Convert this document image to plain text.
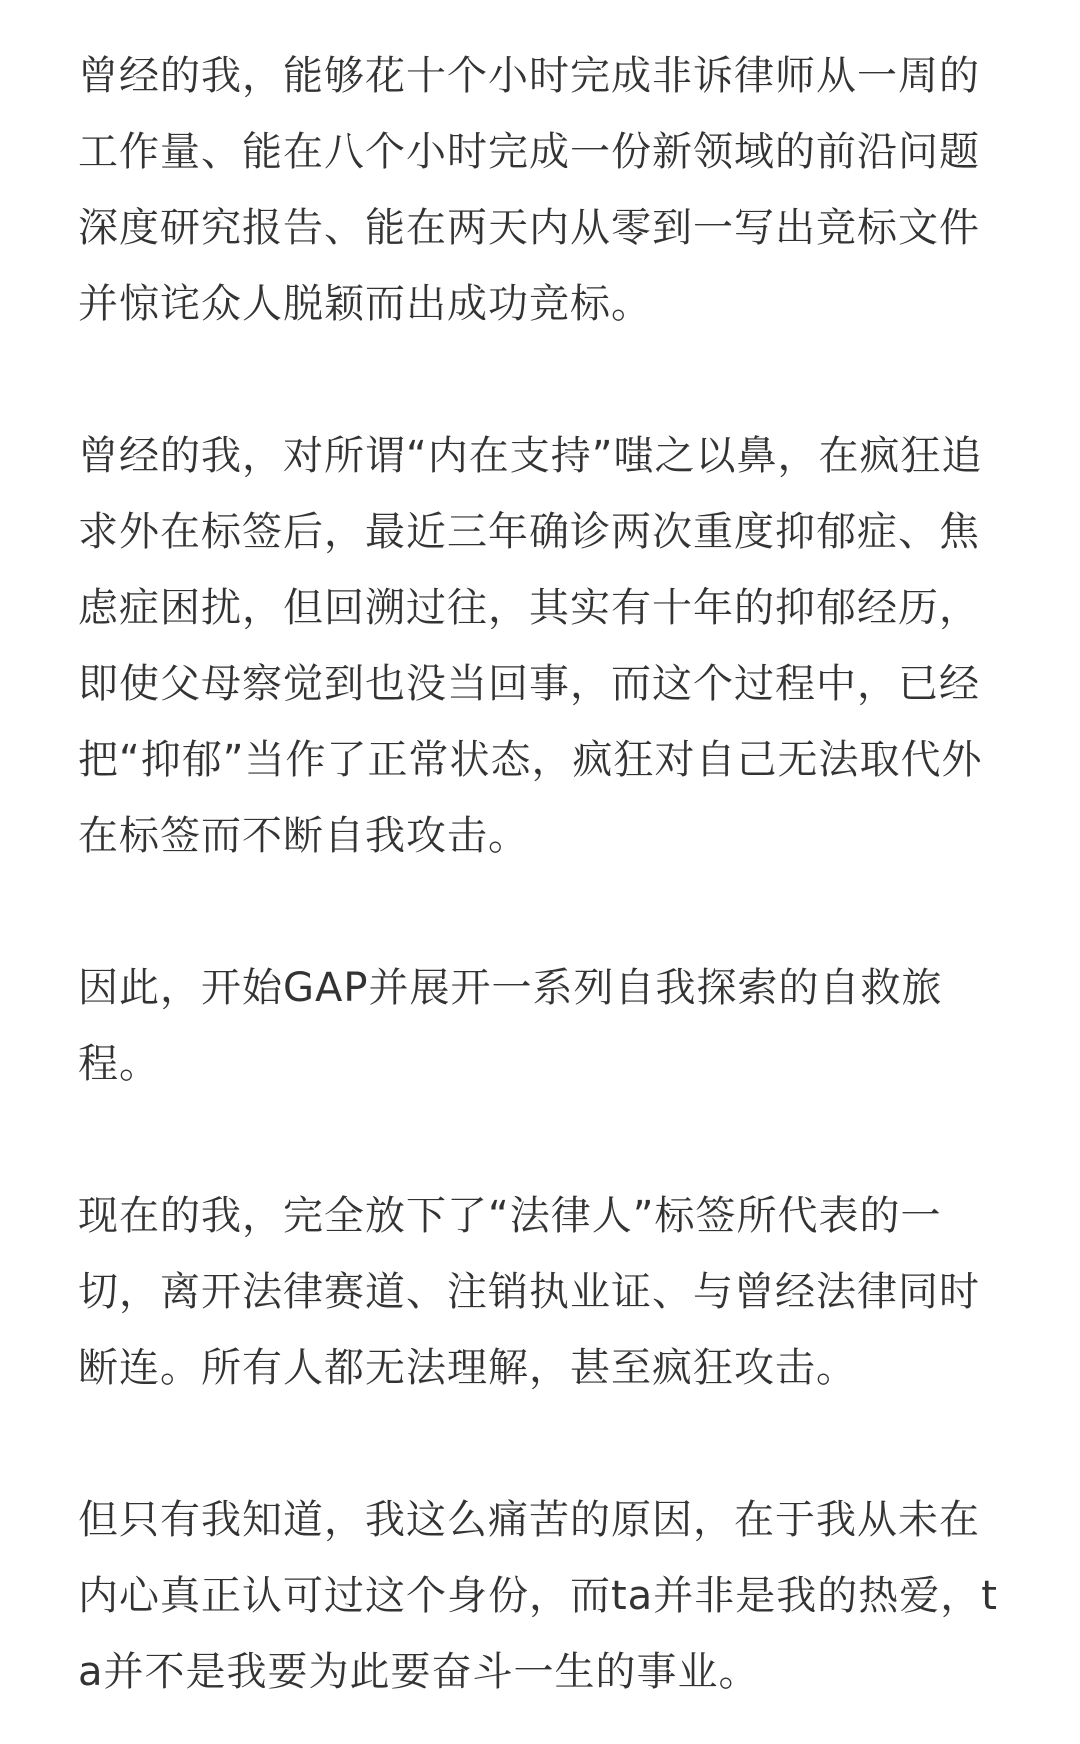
曾经的我，能够花十个小时完成非诉律师从一周的工作量、能在八个小时完成一份新领域的前沿问题深度研究报告、能在两天内从零到一写出竞标文件并惊诧众人脱颖而出成功竞标。

曾经的我，对所谓“内在支持”嗤之以鼻，在疯狂追求外在标签后，最近三年确诊两次重度抑郁症、焦虑症困扰，但回溯过往，其实有十年的抑郁经历，即使父母察觉到也没当回事，而这个过程中，已经把“抑郁”当作了正常状态，疯狂对自己无法取代外在标签而不断自我攻击。

因此，开始GAP并展开一系列自我探索的自救旅程。

现在的我，完全放下了“法律人”标签所代表的一切，离开法律赛道、注销执业证、与曾经法律同时断连。所有人都无法理解，甚至疯狂攻击。

但只有我知道，我这么痛苦的原因，在于我从未在内心真正认可过这个身份，而ta并非是我的热爱，ta并不是我要为此要奋斗一生的事业。
